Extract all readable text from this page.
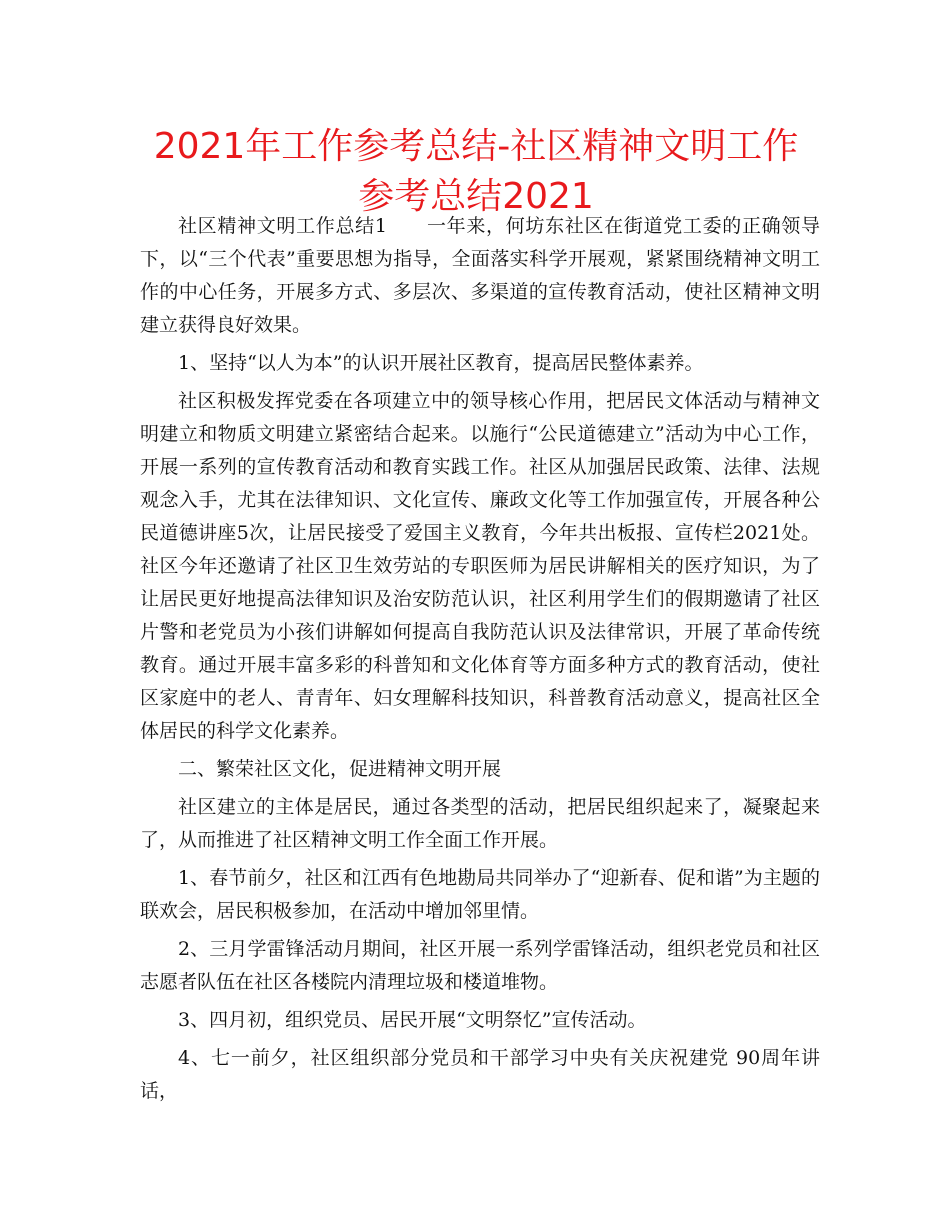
2021年工作参考总结-社区精神文明工作参考总结2021

社区精神文明工作总结1　　一年来，何坊东社区在街道党工委的正确领导下，以“三个代表”重要思想为指导，全面落实科学开展观，紧紧围绕精神文明工作的中心任务，开展多方式、多层次、多渠道的宣传教育活动，使社区精神文明建立获得良好效果。

1、坚持“以人为本”的认识开展社区教育，提高居民整体素养。

社区积极发挥党委在各项建立中的领导核心作用，把居民文体活动与精神文明建立和物质文明建立紧密结合起来。以施行“公民道德建立”活动为中心工作，开展一系列的宣传教育活动和教育实践工作。社区从加强居民政策、法律、法规观念入手，尤其在法律知识、文化宣传、廉政文化等工作加强宣传，开展各种公民道德讲座5次，让居民接受了爱国主义教育，今年共出板报、宣传栏2021处。社区今年还邀请了社区卫生效劳站的专职医师为居民讲解相关的医疗知识，为了让居民更好地提高法律知识及治安防范认识，社区利用学生们的假期邀请了社区片警和老党员为小孩们讲解如何提高自我防范认识及法律常识，开展了革命传统教育。通过开展丰富多彩的科普知和文化体育等方面多种方式的教育活动，使社区家庭中的老人、青青年、妇女理解科技知识，科普教育活动意义，提高社区全体居民的科学文化素养。

二、繁荣社区文化，促进精神文明开展

社区建立的主体是居民，通过各类型的活动，把居民组织起来了，凝聚起来了，从而推进了社区精神文明工作全面工作开展。

1、春节前夕，社区和江西有色地勘局共同举办了“迎新春、促和谐”为主题的联欢会，居民积极参加，在活动中增加邻里情。

2、三月学雷锋活动月期间，社区开展一系列学雷锋活动，组织老党员和社区志愿者队伍在社区各楼院内清理垃圾和楼道堆物。

3、四月初，组织党员、居民开展“文明祭忆”宣传活动。

4、七一前夕，社区组织部分党员和干部学习中央有关庆祝建党 90周年讲话，
